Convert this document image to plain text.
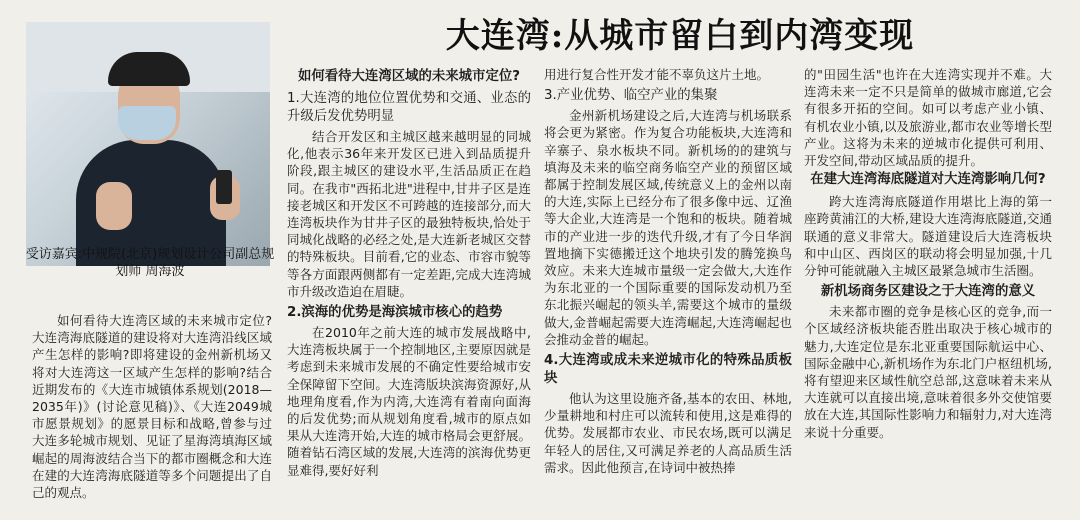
大连湾:从城市留白到内湾变现
受访嘉宾:中规院(北京)规划设计公司副总规划师 周海波

如何看待大连湾区域的未来城市定位?大连湾海底隧道的建设将对大连湾沿线区域产生怎样的影响?即将建设的金州新机场又将对大连湾这一区域产生怎样的影响?结合近期发布的《大连市城镇体系规划(2018—2035年)》(讨论意见稿)》、《大连2049城市愿景规划》的愿景目标和战略,曾参与过大连多轮城市规划、见证了星海湾填海区域崛起的周海波结合当下的都市圈概念和大连在建的大连湾海底隧道等多个问题提出了自己的观点。

如何看待大连湾区域的未来城市定位?
1.大连湾的地位位置优势和交通、业态的升级后发优势明显

结合开发区和主城区越来越明显的同城化,他表示36年来开发区已进入到品质提升阶段,跟主城区的建设水平,生活品质正在趋同。在我市"西拓北进"进程中,甘井子区是连接老城区和开发区不可跨越的连接部分,而大连湾板块作为甘井子区的最独特板块,恰处于同城化战略的必经之处,是大连新老城区交替的特殊板块。目前看,它的业态、市容市貌等等各方面跟两侧都有一定差距,完成大连湾城市升级改造迫在眉睫。

2.滨海的优势是海滨城市核心的趋势

在2010年之前大连的城市发展战略中,大连湾板块属于一个控制地区,主要原因就是考虑到未来城市发展的不确定性要给城市安全保障留下空间。大连湾版块滨海资源好,从地理角度看,作为内湾,大连湾有着南向面海的后发优势;而从规划角度看,城市的原点如果从大连湾开始,大连的城市格局会更舒展。随着钻石湾区域的发展,大连湾的滨海优势更显难得,要好好利

用进行复合性开发才能不辜负这片土地。

3.产业优势、临空产业的集聚

金州新机场建设之后,大连湾与机场联系将会更为紧密。作为复合功能板块,大连湾和辛寨子、泉水板块不同。新机场的的建筑与填海及未来的临空商务临空产业的预留区域都属于控制发展区域,传统意义上的金州以南的大连,实际上已经分布了很多像中远、辽渔等大企业,大连湾是一个饱和的板块。随着城市的产业进一步的迭代升级,才有了今日华润置地摘下实德搬迁这个地块引发的腾笼换鸟效应。未来大连城市量级一定会做大,大连作为东北亚的一个国际重要的国际发动机乃至东北振兴崛起的领头羊,需要这个城市的量级做大,金普崛起需要大连湾崛起,大连湾崛起也会推动金普的崛起。

4.大连湾或成未来逆城市化的特殊品质板块

他认为这里设施齐备,基本的农田、林地,少量耕地和村庄可以流转和使用,这是难得的优势。发展都市农业、市民农场,既可以满足年轻人的居住,又可满足养老的人高品质生活需求。因此他预言,在诗词中被热捧

的"田园生活"也许在大连湾实现并不难。大连湾未来一定不只是简单的做城市廊道,它会有很多开拓的空间。如可以考虑产业小镇、有机农业小镇,以及旅游业,都市农业等增长型产业。这将为未来的逆城市化提供可利用、开发空间,带动区域品质的提升。

在建大连湾海底隧道对大连湾影响几何?

跨大连湾海底隧道作用堪比上海的第一座跨黄浦江的大桥,建设大连湾海底隧道,交通联通的意义非常大。隧道建设后大连湾板块和中山区、西岗区的联动将会明显加强,十几分钟可能就融入主城区最紧急城市生活圈。

新机场商务区建设之于大连湾的意义

未来都市圈的竞争是核心区的竞争,而一个区域经济板块能否胜出取决于核心城市的魅力,大连定位是东北亚重要国际航运中心、国际金融中心,新机场作为东北门户枢纽机场,将有望迎来区域性航空总部,这意味着未来从大连就可以直接出境,意味着很多外交使馆要放在大连,其国际性影响力和辐射力,对大连湾来说十分重要。
